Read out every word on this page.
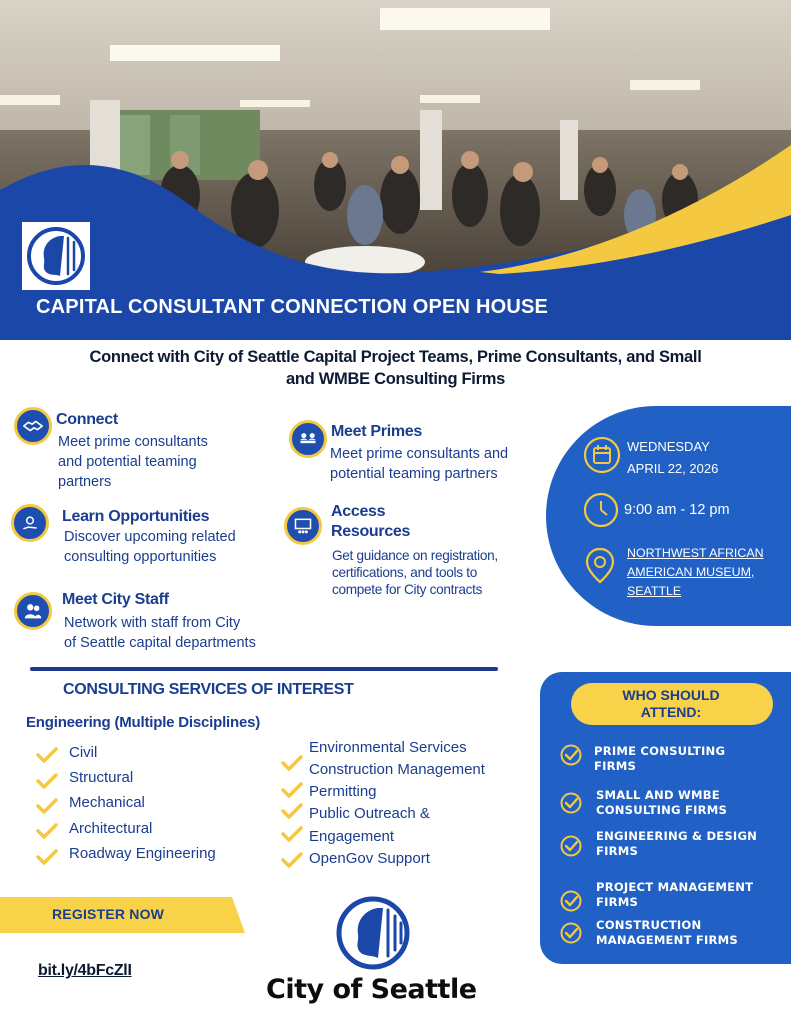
CAPITAL CONSULTANT CONNECTION OPEN HOUSE
Connect with City of Seattle Capital Project Teams, Prime Consultants, and Small
and WMBE Consulting Firms
Connect
Meet prime consultants
and potential teaming
partners
Learn Opportunities
Discover upcoming related
consulting opportunities
Meet City Staff
Network with staff from City
of Seattle capital departments
Meet Primes
Meet prime consultants and
potential teaming partners
Access
Resources
Get guidance on registration,
certifications, and tools to
compete for City contracts
WEDNESDAY
APRIL 22, 2026
9:00 am - 12 pm
NORTHWEST AFRICAN
AMERICAN MUSEUM,
SEATTLE
CONSULTING SERVICES OF INTEREST
Engineering (Multiple Disciplines)
Civil
Structural
Mechanical
Architectural
Roadway Engineering
Environmental Services
Construction Management
Permitting
Public Outreach &
Engagement
OpenGov Support
WHO SHOULD
ATTEND:
PRIME CONSULTING
FIRMS
SMALL AND WMBE
CONSULTING FIRMS
ENGINEERING & DESIGN
FIRMS
PROJECT MANAGEMENT
FIRMS
CONSTRUCTION
MANAGEMENT FIRMS
REGISTER NOW
bit.ly/4bFcZlI
City of Seattle
